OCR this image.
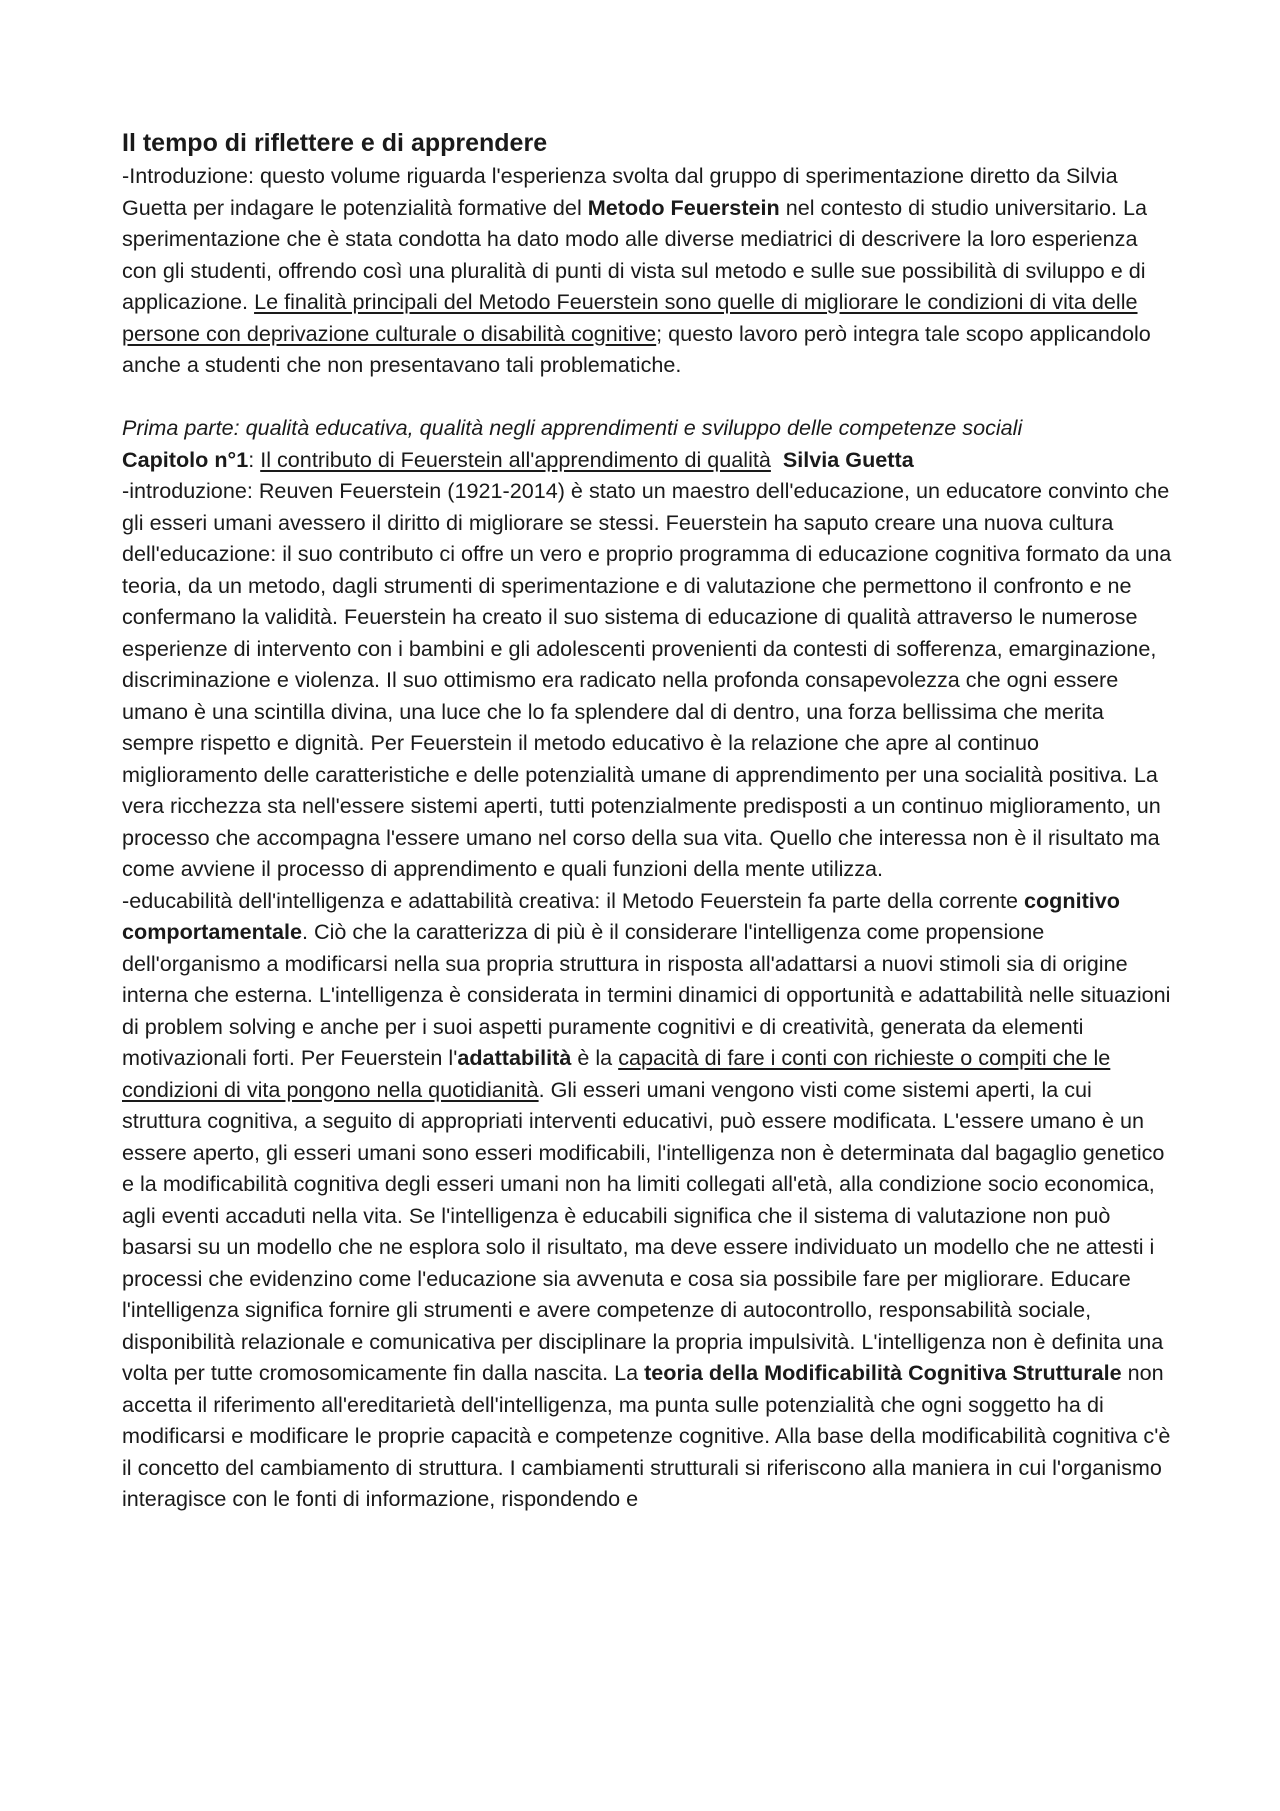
Il tempo di riflettere e di apprendere

-Introduzione: questo volume riguarda l'esperienza svolta dal gruppo di sperimentazione diretto da Silvia Guetta per indagare le potenzialità formative del Metodo Feuerstein nel contesto di studio universitario. La sperimentazione che è stata condotta ha dato modo alle diverse mediatrici di descrivere la loro esperienza con gli studenti, offrendo così una pluralità di punti di vista sul metodo e sulle sue possibilità di sviluppo e di applicazione. Le finalità principali del Metodo Feuerstein sono quelle di migliorare le condizioni di vita delle persone con deprivazione culturale o disabilità cognitive; questo lavoro però integra tale scopo applicandolo anche a studenti che non presentavano tali problematiche.

Prima parte: qualità educativa, qualità negli apprendimenti e sviluppo delle competenze sociali

Capitolo n°1: Il contributo di Feuerstein all'apprendimento di qualità Silvia Guetta

-introduzione: Reuven Feuerstein (1921-2014) è stato un maestro dell'educazione, un educatore convinto che gli esseri umani avessero il diritto di migliorare se stessi. Feuerstein ha saputo creare una nuova cultura dell'educazione: il suo contributo ci offre un vero e proprio programma di educazione cognitiva formato da una teoria, da un metodo, dagli strumenti di sperimentazione e di valutazione che permettono il confronto e ne confermano la validità. Feuerstein ha creato il suo sistema di educazione di qualità attraverso le numerose esperienze di intervento con i bambini e gli adolescenti provenienti da contesti di sofferenza, emarginazione, discriminazione e violenza. Il suo ottimismo era radicato nella profonda consapevolezza che ogni essere umano è una scintilla divina, una luce che lo fa splendere dal di dentro, una forza bellissima che merita sempre rispetto e dignità. Per Feuerstein il metodo educativo è la relazione che apre al continuo miglioramento delle caratteristiche e delle potenzialità umane di apprendimento per una socialità positiva. La vera ricchezza sta nell'essere sistemi aperti, tutti potenzialmente predisposti a un continuo miglioramento, un processo che accompagna l'essere umano nel corso della sua vita. Quello che interessa non è il risultato ma come avviene il processo di apprendimento e quali funzioni della mente utilizza.

-educabilità dell'intelligenza e adattabilità creativa: il Metodo Feuerstein fa parte della corrente cognitivo comportamentale. Ciò che la caratterizza di più è il considerare l'intelligenza come propensione dell'organismo a modificarsi nella sua propria struttura in risposta all'adattarsi a nuovi stimoli sia di origine interna che esterna. L'intelligenza è considerata in termini dinamici di opportunità e adattabilità nelle situazioni di problem solving e anche per i suoi aspetti puramente cognitivi e di creatività, generata da elementi motivazionali forti. Per Feuerstein l'adattabilità è la capacità di fare i conti con richieste o compiti che le condizioni di vita pongono nella quotidianità. Gli esseri umani vengono visti come sistemi aperti, la cui struttura cognitiva, a seguito di appropriati interventi educativi, può essere modificata. L'essere umano è un essere aperto, gli esseri umani sono esseri modificabili, l'intelligenza non è determinata dal bagaglio genetico e la modificabilità cognitiva degli esseri umani non ha limiti collegati all'età, alla condizione socio economica, agli eventi accaduti nella vita. Se l'intelligenza è educabili significa che il sistema di valutazione non può basarsi su un modello che ne esplora solo il risultato, ma deve essere individuato un modello che ne attesti i processi che evidenzino come l'educazione sia avvenuta e cosa sia possibile fare per migliorare. Educare l'intelligenza significa fornire gli strumenti e avere competenze di autocontrollo, responsabilità sociale, disponibilità relazionale e comunicativa per disciplinare la propria impulsività. L'intelligenza non è definita una volta per tutte cromosomicamente fin dalla nascita. La teoria della Modificabilità Cognitiva Strutturale non accetta il riferimento all'ereditarietà dell'intelligenza, ma punta sulle potenzialità che ogni soggetto ha di modificarsi e modificare le proprie capacità e competenze cognitive. Alla base della modificabilità cognitiva c'è il concetto del cambiamento di struttura. I cambiamenti strutturali si riferiscono alla maniera in cui l'organismo interagisce con le fonti di informazione, rispondendo e
